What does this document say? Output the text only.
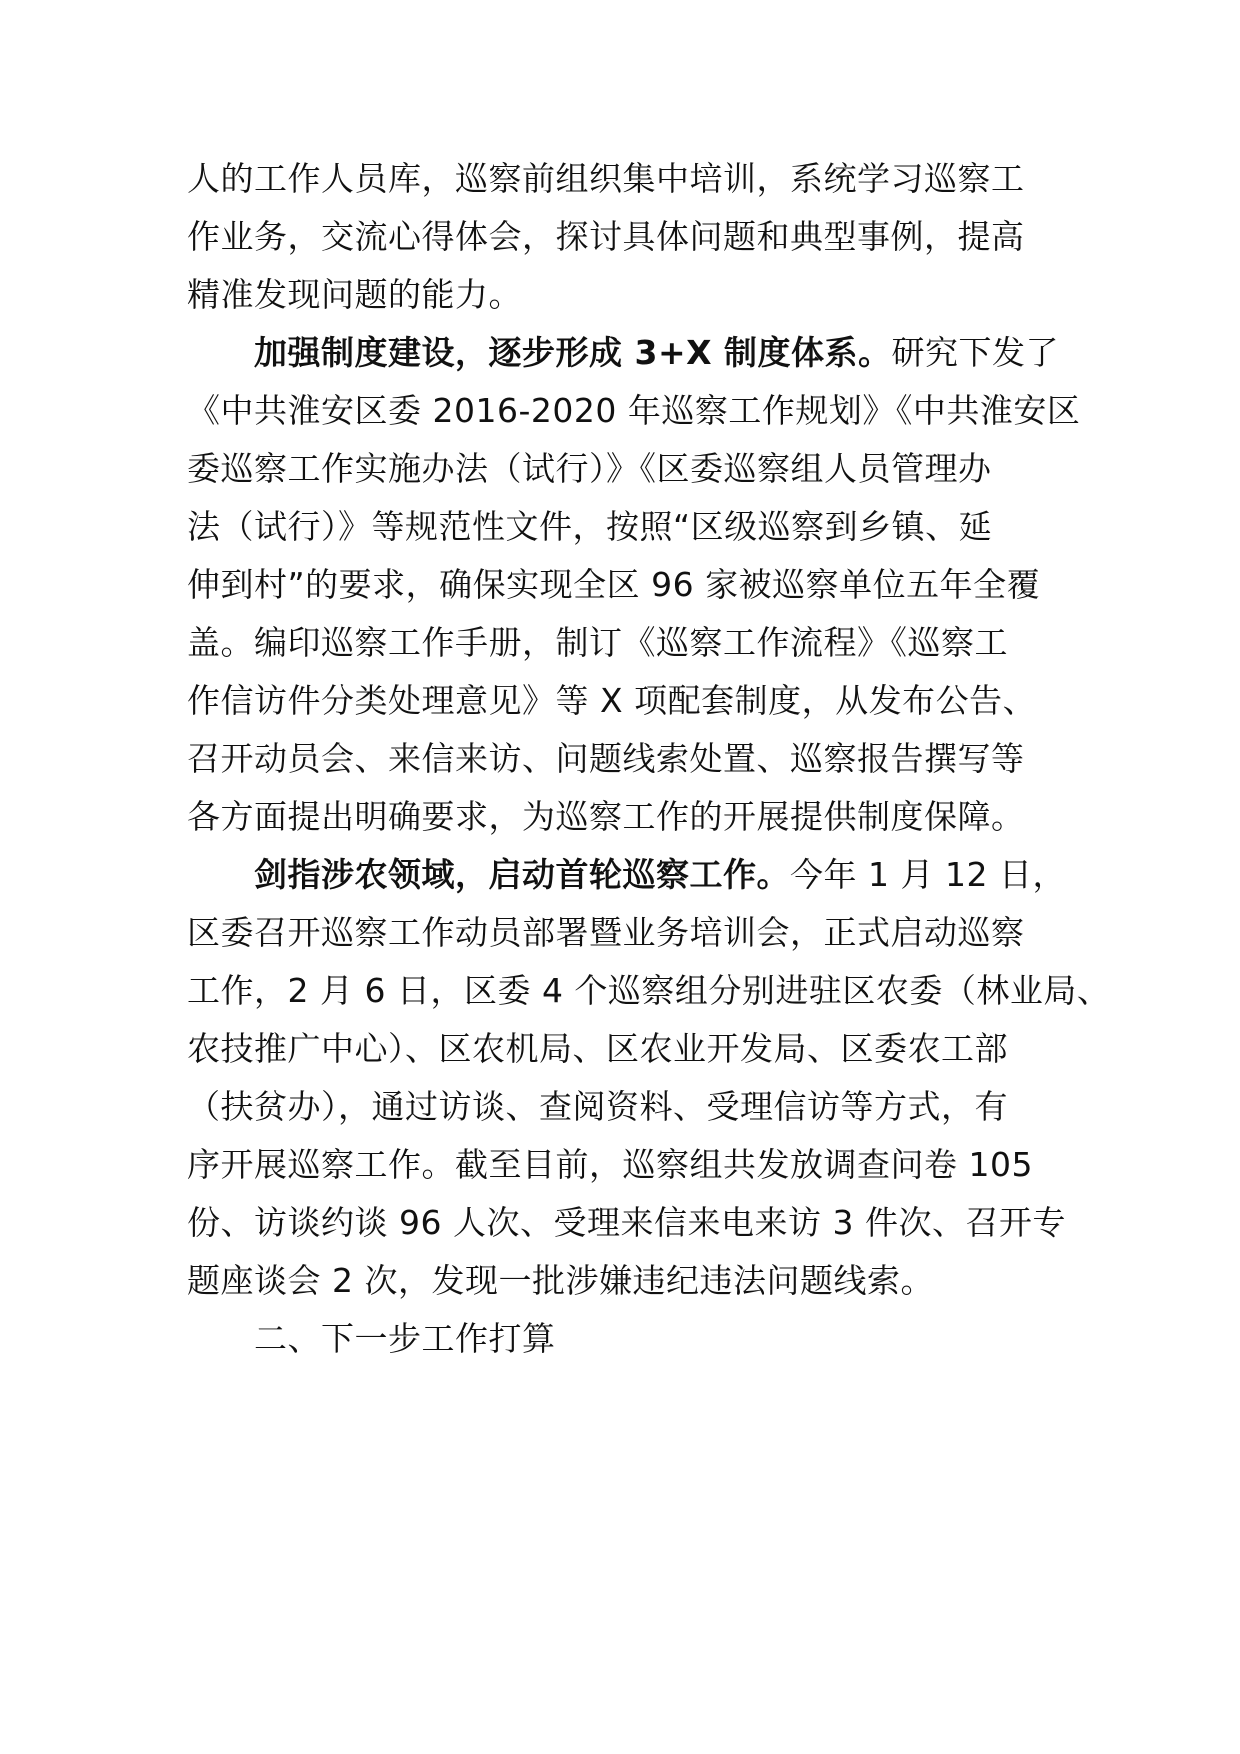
人的工作人员库，巡察前组织集中培训，系统学习巡察工
作业务，交流心得体会，探讨具体问题和典型事例，提高
精准发现问题的能力。
加强制度建设，逐步形成 3+X 制度体系。研究下发了
《中共淮安区委 2016-2020 年巡察工作规划》《中共淮安区
委巡察工作实施办法（试行）》《区委巡察组人员管理办
法（试行）》等规范性文件，按照“区级巡察到乡镇、延
伸到村”的要求，确保实现全区 96 家被巡察单位五年全覆
盖。编印巡察工作手册，制订《巡察工作流程》《巡察工
作信访件分类处理意见》等 X 项配套制度，从发布公告、
召开动员会、来信来访、问题线索处置、巡察报告撰写等
各方面提出明确要求，为巡察工作的开展提供制度保障。
剑指涉农领域，启动首轮巡察工作。今年 1 月 12 日，
区委召开巡察工作动员部署暨业务培训会，正式启动巡察
工作，2 月 6 日，区委 4 个巡察组分别进驻区农委（林业局、
农技推广中心）、区农机局、区农业开发局、区委农工部
（扶贫办），通过访谈、查阅资料、受理信访等方式，有
序开展巡察工作。截至目前，巡察组共发放调查问卷 105
份、访谈约谈 96 人次、受理来信来电来访 3 件次、召开专
题座谈会 2 次，发现一批涉嫌违纪违法问题线索。
二、下一步工作打算
